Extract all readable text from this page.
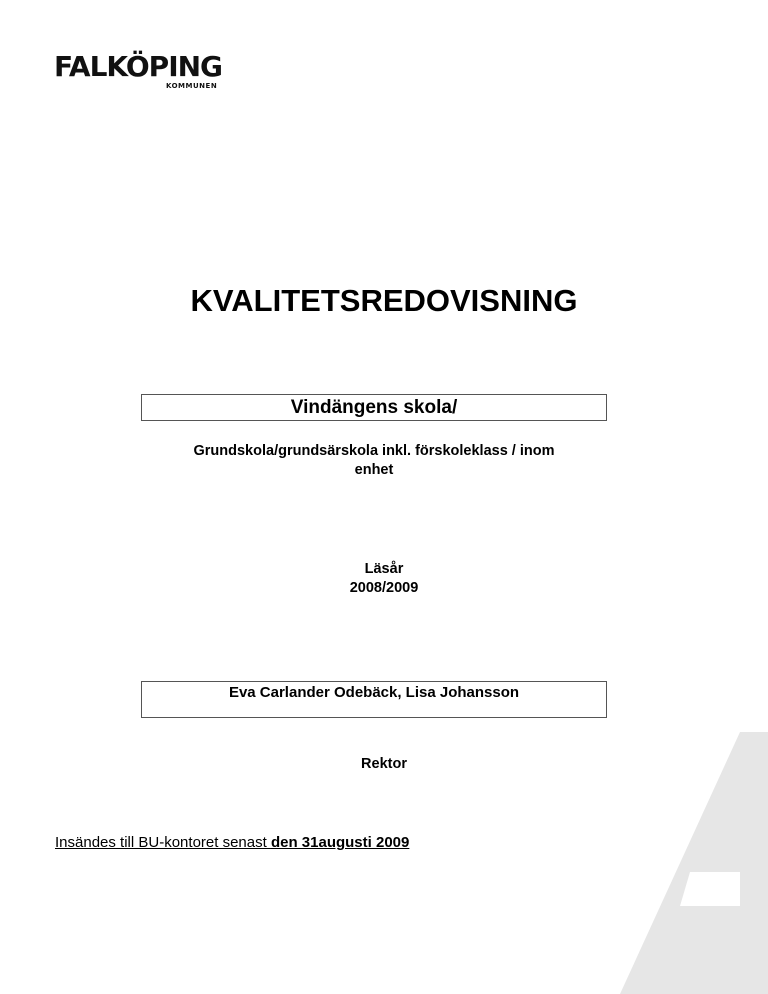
FALKÖPING
KOMMUNEN
KVALITETSREDOVISNING
Vindängens skola/
Grundskola/grundsärskola inkl. förskoleklass / inom
enhet
Läsår
2008/2009
Eva Carlander Odebäck, Lisa Johansson
Rektor
Insändes till BU-kontoret senast den 31augusti 2009
